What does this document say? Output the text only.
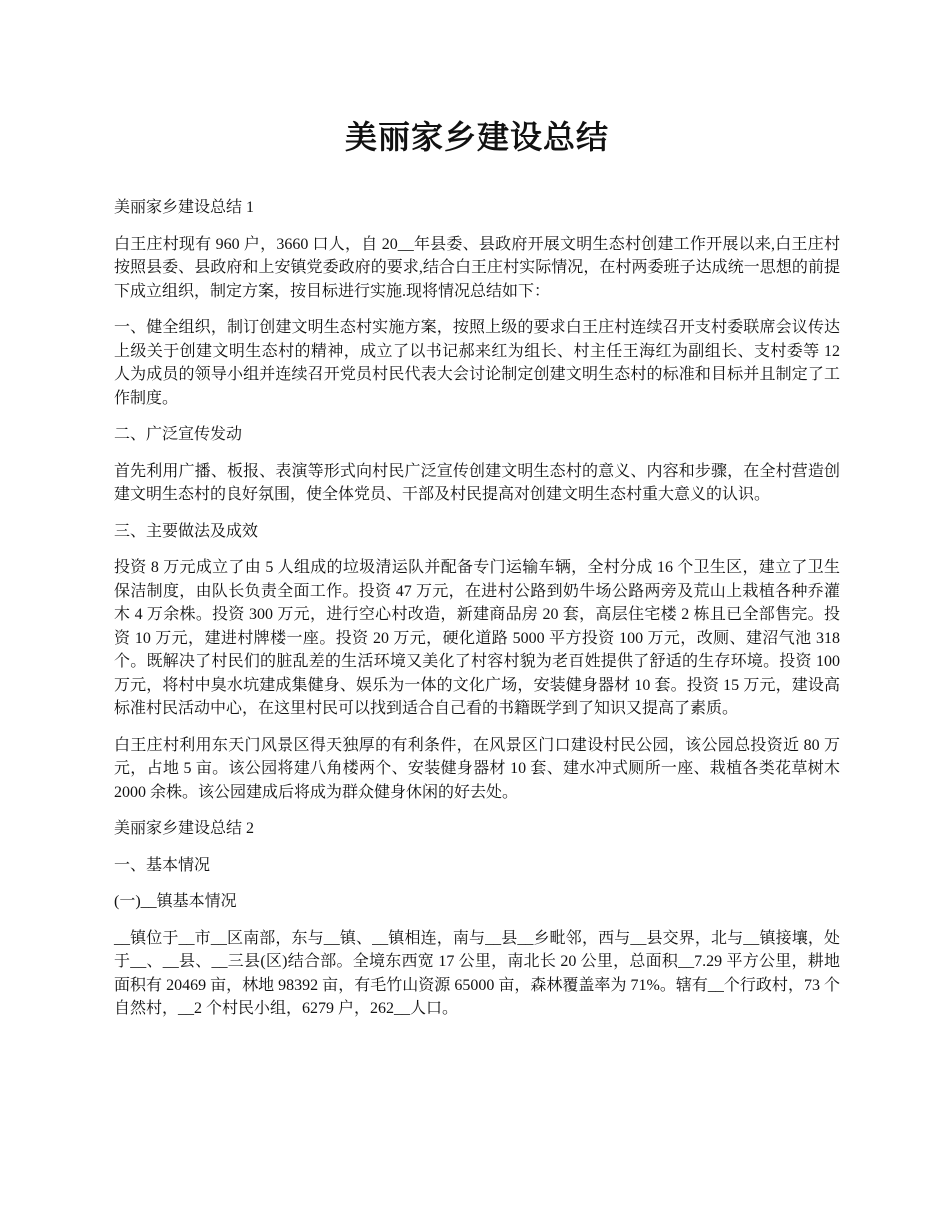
美丽家乡建设总结

美丽家乡建设总结 1

白王庄村现有 960 户，3660 口人，自 20__年县委、县政府开展文明生态村创建工作开展以来,白王庄村按照县委、县政府和上安镇党委政府的要求,结合白王庄村实际情况，在村两委班子达成统一思想的前提下成立组织，制定方案，按目标进行实施.现将情况总结如下：

一、健全组织，制订创建文明生态村实施方案，按照上级的要求白王庄村连续召开支村委联席会议传达上级关于创建文明生态村的精神，成立了以书记郝来红为组长、村主任王海红为副组长、支村委等 12 人为成员的领导小组并连续召开党员村民代表大会讨论制定创建文明生态村的标准和目标并且制定了工作制度。

二、广泛宣传发动

首先利用广播、板报、表演等形式向村民广泛宣传创建文明生态村的意义、内容和步骤，在全村营造创建文明生态村的良好氛围，使全体党员、干部及村民提高对创建文明生态村重大意义的认识。

三、主要做法及成效

投资 8 万元成立了由 5 人组成的垃圾清运队并配备专门运输车辆，全村分成 16 个卫生区，建立了卫生保洁制度，由队长负责全面工作。投资 47 万元，在进村公路到奶牛场公路两旁及荒山上栽植各种乔灌木 4 万余株。投资 300 万元，进行空心村改造，新建商品房 20 套，高层住宅楼 2 栋且已全部售完。投资 10 万元，建进村牌楼一座。投资 20 万元，硬化道路 5000 平方投资 100 万元，改厕、建沼气池 318 个。既解决了村民们的脏乱差的生活环境又美化了村容村貌为老百姓提供了舒适的生存环境。投资 100 万元，将村中臭水坑建成集健身、娱乐为一体的文化广场，安装健身器材 10 套。投资 15 万元，建设高标准村民活动中心，在这里村民可以找到适合自己看的书籍既学到了知识又提高了素质。

白王庄村利用东天门风景区得天独厚的有利条件，在风景区门口建设村民公园，该公园总投资近 80 万元，占地 5 亩。该公园将建八角楼两个、安装健身器材 10 套、建水冲式厕所一座、栽植各类花草树木 2000 余株。该公园建成后将成为群众健身休闲的好去处。

美丽家乡建设总结 2

一、基本情况

(一)__镇基本情况

__镇位于__市__区南部，东与__镇、__镇相连，南与__县__乡毗邻，西与__县交界，北与__镇接壤，处于__、__县、__三县(区)结合部。全境东西宽 17 公里，南北长 20 公里，总面积__7.29 平方公里，耕地面积有 20469 亩，林地 98392 亩，有毛竹山资源 65000 亩，森林覆盖率为 71%。辖有__个行政村，73 个自然村，__2 个村民小组，6279 户，262__人口。
